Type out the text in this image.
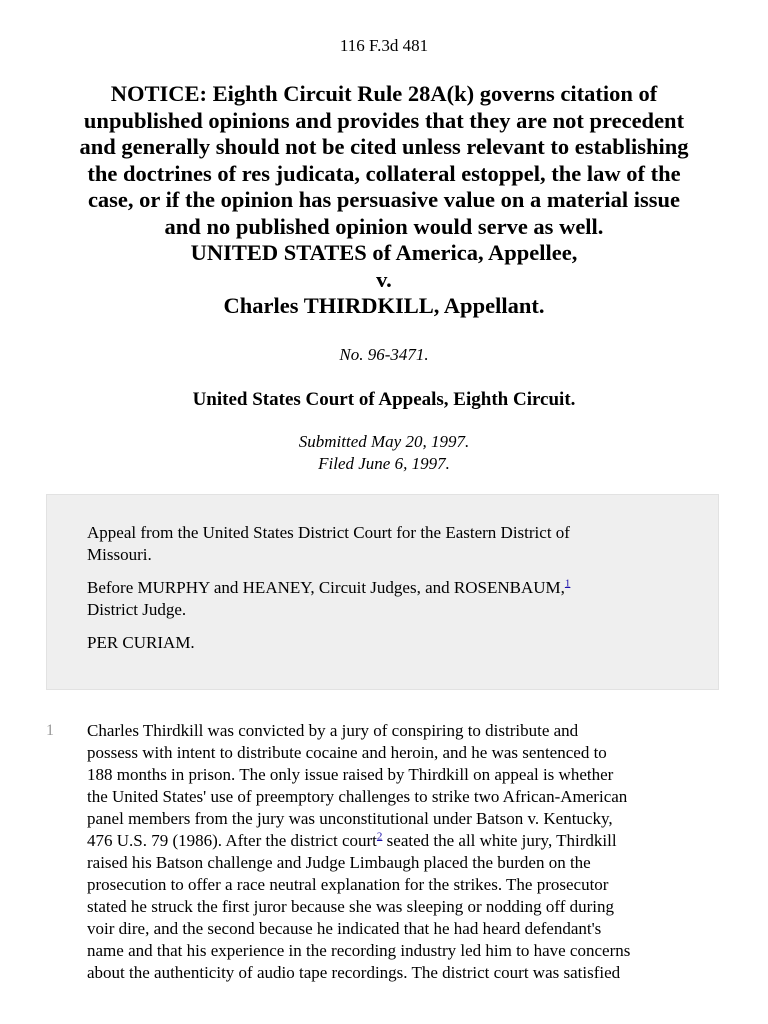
116 F.3d 481
NOTICE: Eighth Circuit Rule 28A(k) governs citation of
unpublished opinions and provides that they are not precedent
and generally should not be cited unless relevant to establishing
the doctrines of res judicata, collateral estoppel, the law of the
case, or if the opinion has persuasive value on a material issue
and no published opinion would serve as well.
UNITED STATES of America, Appellee,
v.
Charles THIRDKILL, Appellant.
No. 96-3471.
United States Court of Appeals, Eighth Circuit.
Submitted May 20, 1997.
Filed June 6, 1997.

Appeal from the United States District Court for the Eastern District of
Missouri.

Before MURPHY and HEANEY, Circuit Judges, and ROSENBAUM,$^1$
District Judge.

PER CURIAM.

1 Charles Thirdkill was convicted by a jury of conspiring to distribute and
possess with intent to distribute cocaine and heroin, and he was sentenced to
188 months in prison. The only issue raised by Thirdkill on appeal is whether
the United States' use of preemptory challenges to strike two African-American
panel members from the jury was unconstitutional under Batson v. Kentucky,
476 U.S. 79 (1986). After the district court$^2$ seated the all white jury, Thirdkill
raised his Batson challenge and Judge Limbaugh placed the burden on the
prosecution to offer a race neutral explanation for the strikes. The prosecutor
stated he struck the first juror because she was sleeping or nodding off during
voir dire, and the second because he indicated that he had heard defendant's
name and that his experience in the recording industry led him to have concerns
about the authenticity of audio tape recordings. The district court was satisfied
